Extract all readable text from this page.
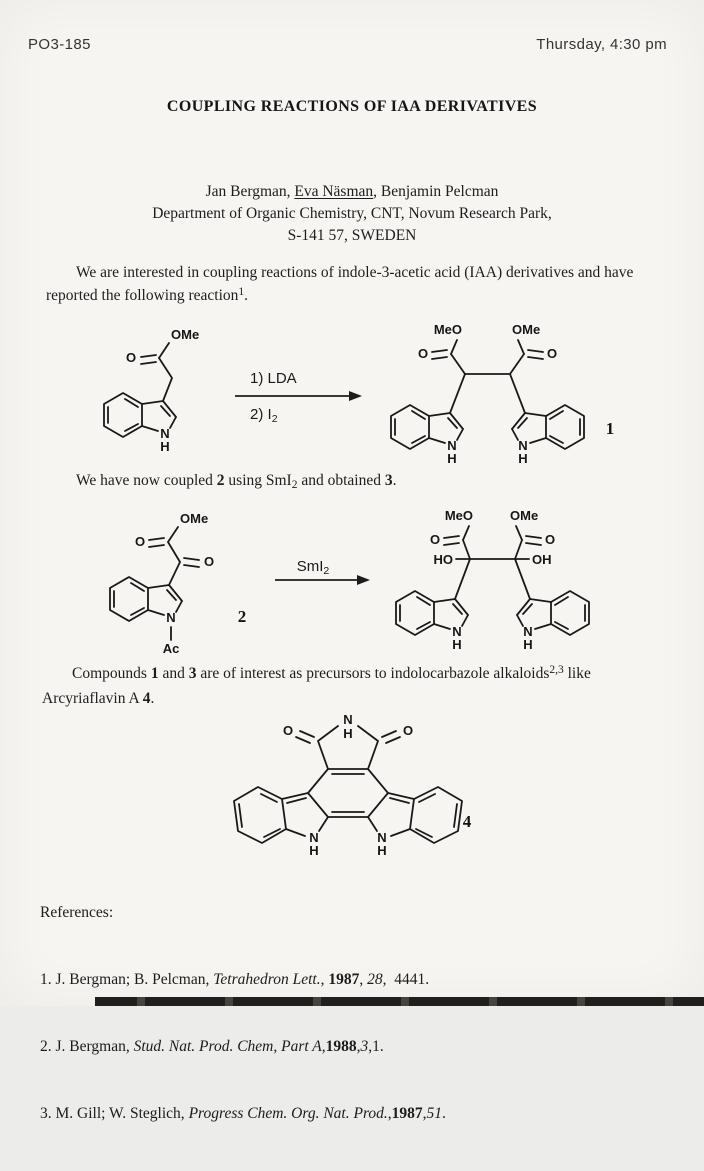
PO3-185	Thursday, 4:30 pm
COUPLING REACTIONS OF IAA DERIVATIVES
Jan Bergman, Eva Näsman, Benjamin Pelcman
Department of Organic Chemistry, CNT, Novum Research Park,
S-141 57, SWEDEN
We are interested in coupling reactions of indole-3-acetic acid (IAA) derivatives and have
reported the following reaction$^1$.
O
OMe
N
H
1) LDA
2) $I_2$
MeO	OMe
O	O
N
H
N
H
1
We have now coupled 2 using SmI2 and obtained 3.
OMe
O
O
N
Ac
2
SmI$_2$
MeO	OMe
O	O
HO	OH
N
H
N
H
Compounds 1 and 3 are of interest as precursors to indolocarbazole alkaloids$^{2,3}$ like
Arcyriaflavin A 4.
N
H
O	O
N
H
N
H
4

References:

1. J. Bergman; B. Pelcman, Tetrahedron Lett., 1987, 28,  4441.

2. J. Bergman, Stud. Nat. Prod. Chem, Part A,1988,3,1.

3. M. Gill; W. Steglich, Progress Chem. Org. Nat. Prod.,1987,51.
